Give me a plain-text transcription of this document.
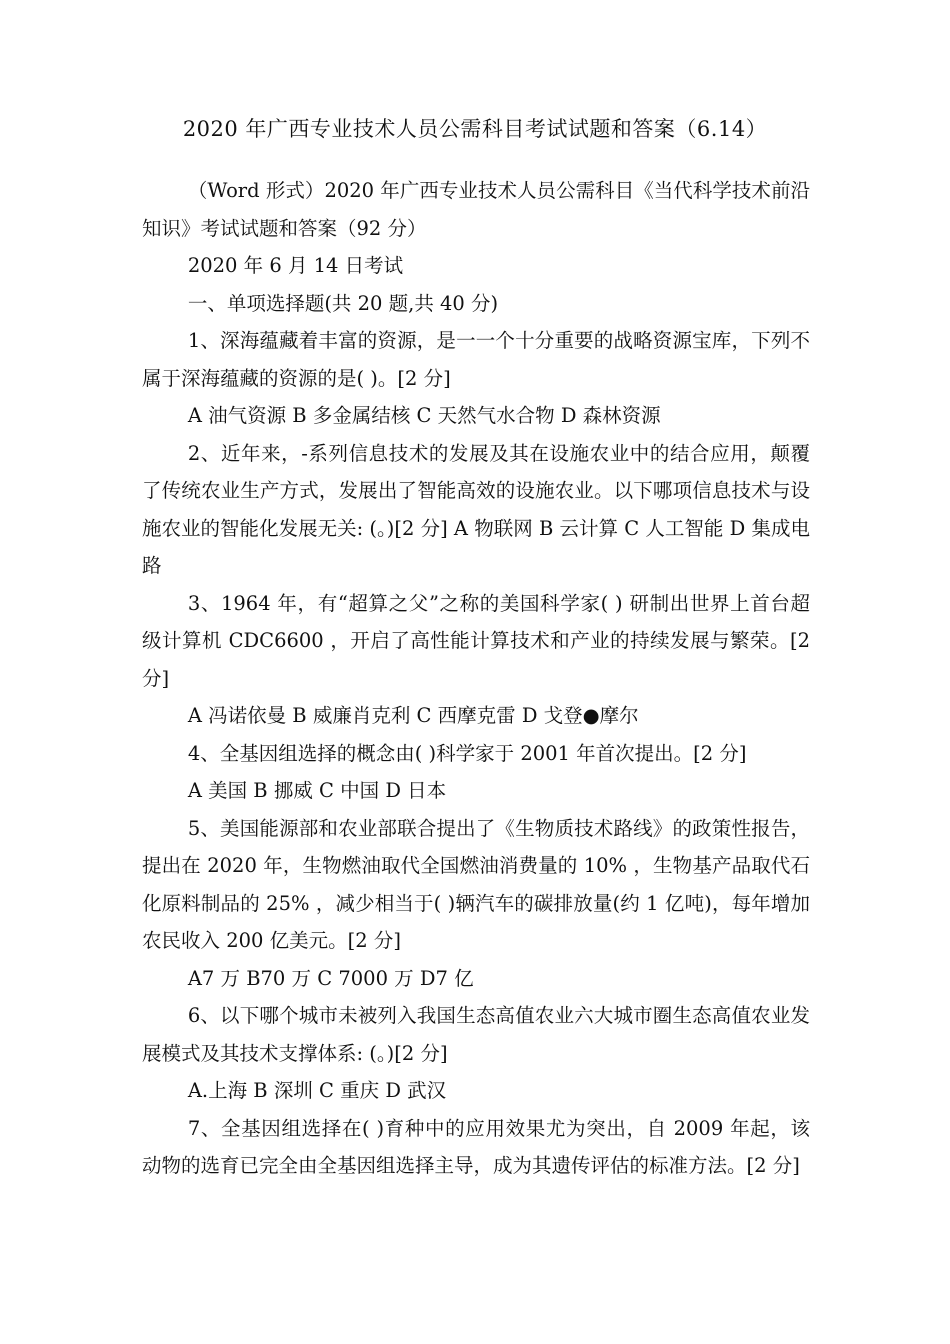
2020 年广西专业技术人员公需科目考试试题和答案（6.14）

（Word 形式）2020 年广西专业技术人员公需科目《当代科学技术前沿知识》考试试题和答案（92 分）

2020 年 6 月 14 日考试

一、单项选择题(共 20 题,共 40 分)

1、深海蕴藏着丰富的资源，是一一个十分重要的战略资源宝库，下列不属于深海蕴藏的资源的是( )。[2 分]

A 油气资源 B 多金属结核 C 天然气水合物 D 森林资源

2、近年来，-系列信息技术的发展及其在设施农业中的结合应用，颠覆了传统农业生产方式，发展出了智能高效的设施农业。以下哪项信息技术与设施农业的智能化发展无关: (。)[2 分] A 物联网 B 云计算 C 人工智能 D 集成电路

3、1964 年，有“超算之父”之称的美国科学家( ) 研制出世界上首台超级计算机 CDC6600 ，开启了高性能计算技术和产业的持续发展与繁荣。[2 分]

A 冯诺依曼 B 威廉肖克利 C 西摩克雷 D 戈登●摩尔

4、全基因组选择的概念由( )科学家于 2001 年首次提出。[2 分]

A 美国 B 挪威 C 中国 D 日本

5、美国能源部和农业部联合提出了《生物质技术路线》的政策性报告，提出在 2020 年，生物燃油取代全国燃油消费量的 10% ，生物基产品取代石化原料制品的 25% ，减少相当于( )辆汽车的碳排放量(约 1 亿吨)，每年增加农民收入 200 亿美元。[2 分]

A7 万 B70 万 C 7000 万 D7 亿

6、以下哪个城市未被列入我国生态高值农业六大城市圈生态高值农业发展模式及其技术支撑体系: (。)[2 分]

A.上海 B 深圳 C 重庆 D 武汉

7、全基因组选择在( )育种中的应用效果尤为突出，自 2009 年起，该动物的选育已完全由全基因组选择主导，成为其遗传评估的标准方法。[2 分]
